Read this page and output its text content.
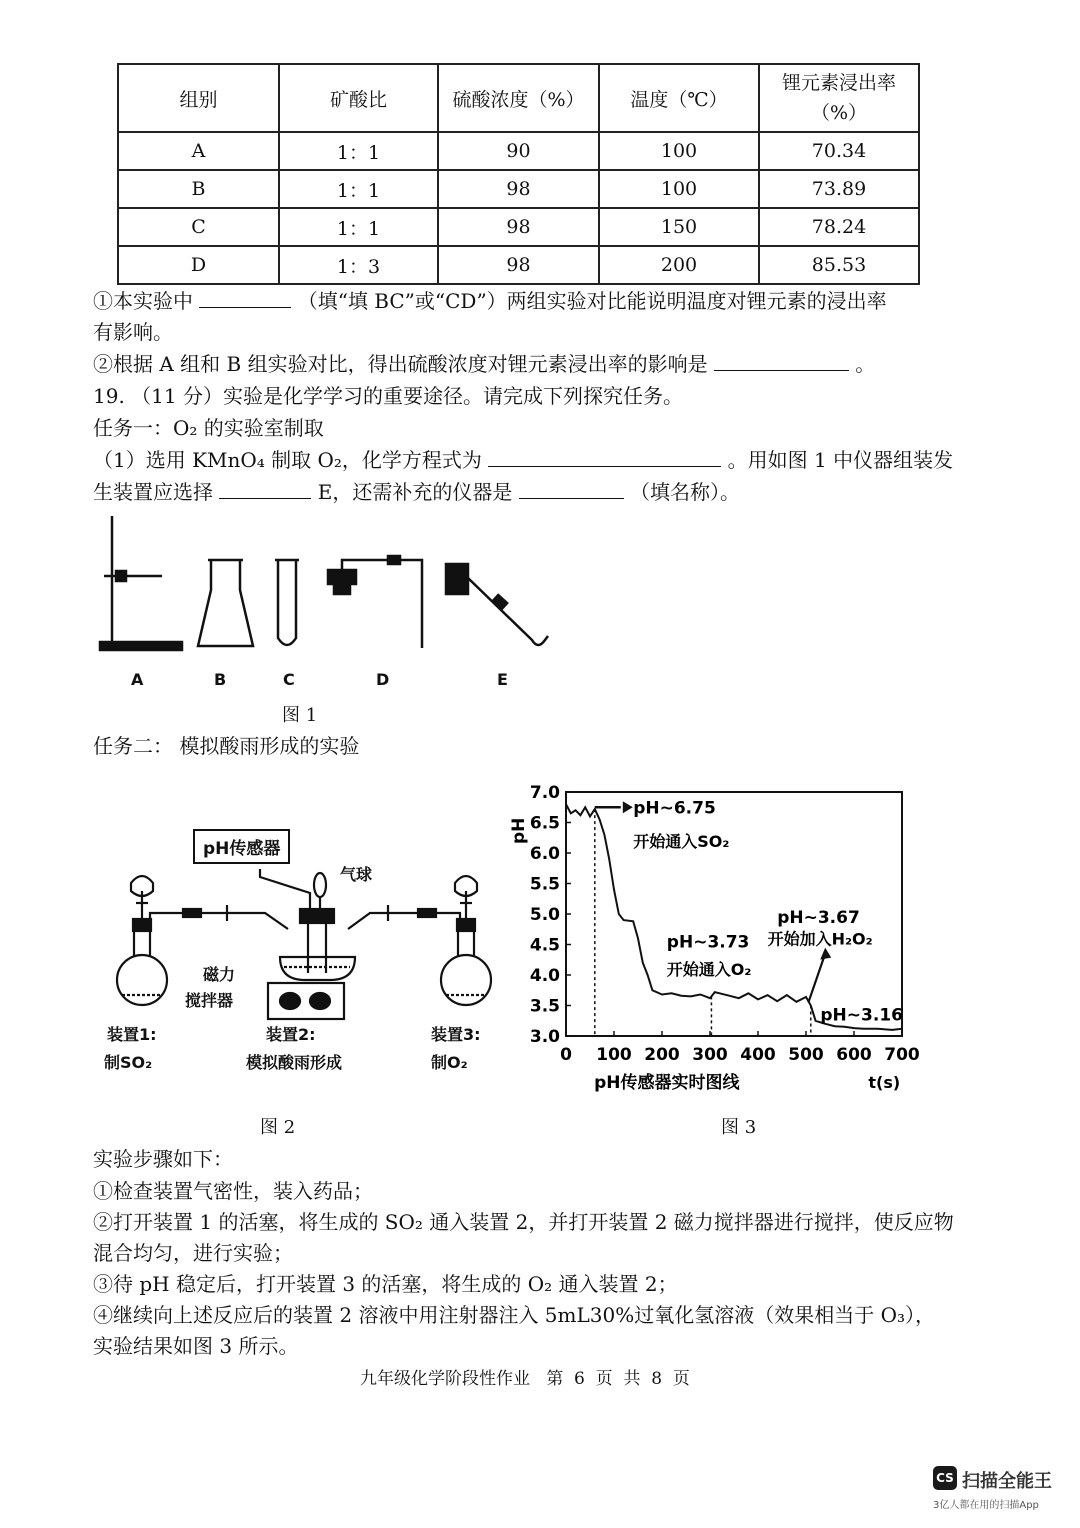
组别	矿酸比	硫酸浓度（%）	温度（℃）	锂元素浸出率
（%）
A	1：1	90	100	70.34
B	1：1	98	100	73.89
C	1：1	98	150	78.24
D	1：3	98	200	85.53
①本实验中	（填“填 BC”或“CD”）两组实验对比能说明温度对锂元素的浸出率
有影响。
②根据 A 组和 B 组实验对比，得出硫酸浓度对锂元素浸出率的影响是	。
19. （11 分）实验是化学学习的重要途径。请完成下列探究任务。
任务一：O₂ 的实验室制取
（1）选用 KMnO₄ 制取 O₂，化学方程式为	。用如图 1 中仪器组装发
生装置应选择	E，还需补充的仪器是	（填名称）。
A	B	C	D	E
图 1
任务二： 模拟酸雨形成的实验
pH传感器
气球
磁力
搅拌器
装置1:
制SO₂
装置2:
模拟酸雨形成
装置3:
制O₂
图 2
3.0
3.5
4.0
4.5
5.0
5.5
6.0
6.5
7.0
0 100 200 300 400 500 600 700
pH
t(s)
pH传感器实时图线
pH~6.75
开始通入SO₂
pH~3.73
开始通入O₂
pH~3.67
开始加入H₂O₂
pH~3.16
图 3
实验步骤如下：
①检查装置气密性，装入药品；
②打开装置 1 的活塞，将生成的 SO₂ 通入装置 2，并打开装置 2 磁力搅拌器进行搅拌，使反应物
混合均匀，进行实验；
③待 pH 稳定后，打开装置 3 的活塞，将生成的 O₂ 通入装置 2；
④继续向上述反应后的装置 2 溶液中用注射器注入 5mL30%过氧化氢溶液（效果相当于 O₃），
实验结果如图 3 所示。
九年级化学阶段性作业   第  6  页  共  8  页
CS 扫描全能王
3亿人都在用的扫描App
